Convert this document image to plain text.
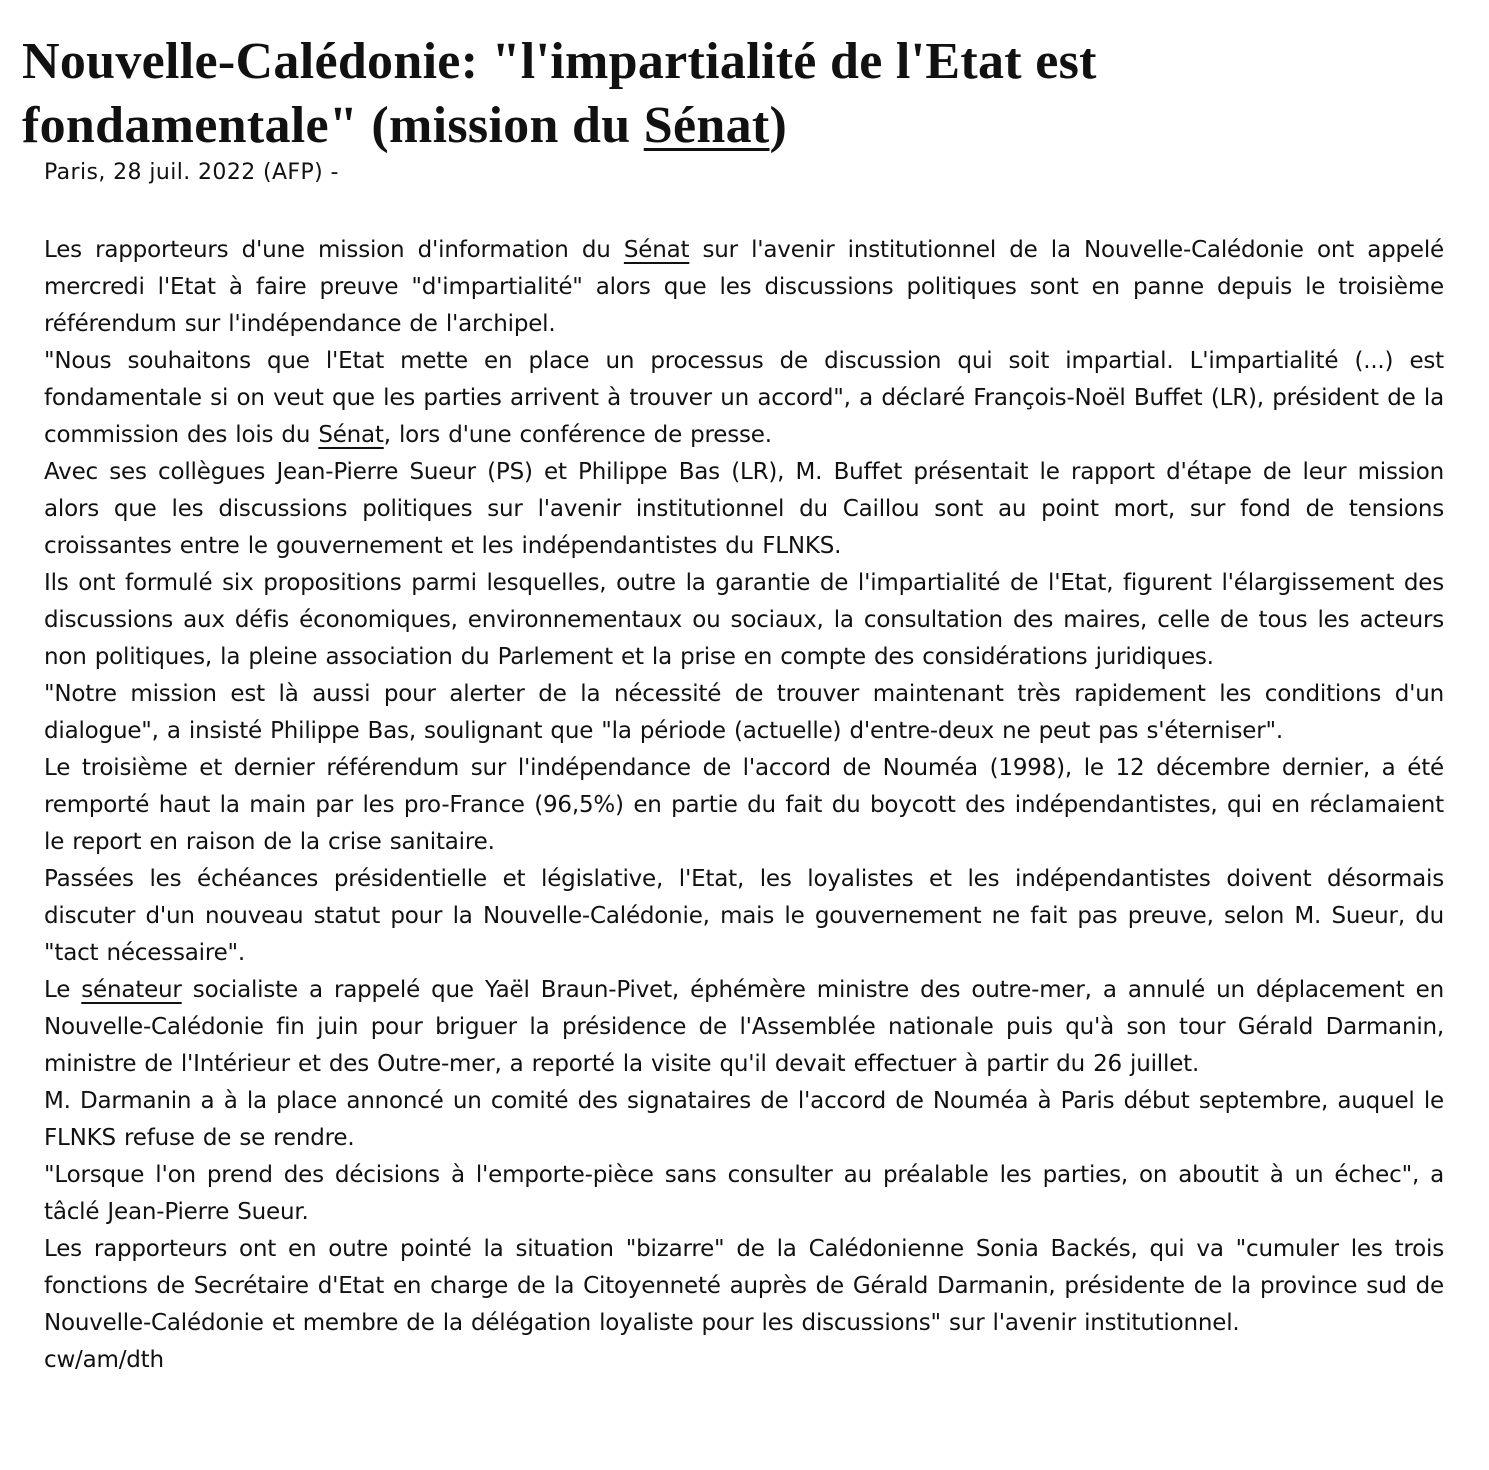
Nouvelle-Calédonie: "l'impartialité de l'Etat est fondamentale" (mission du Sénat)

Paris, 28 juil. 2022 (AFP) -

Les rapporteurs d'une mission d'information du Sénat sur l'avenir institutionnel de la Nouvelle-Calédonie ont appelé mercredi l'Etat à faire preuve "d'impartialité" alors que les discussions politiques sont en panne depuis le troisième référendum sur l'indépendance de l'archipel.

"Nous souhaitons que l'Etat mette en place un processus de discussion qui soit impartial. L'impartialité (...) est fondamentale si on veut que les parties arrivent à trouver un accord", a déclaré François-Noël Buffet (LR), président de la commission des lois du Sénat, lors d'une conférence de presse.

Avec ses collègues Jean-Pierre Sueur (PS) et Philippe Bas (LR), M. Buffet présentait le rapport d'étape de leur mission alors que les discussions politiques sur l'avenir institutionnel du Caillou sont au point mort, sur fond de tensions croissantes entre le gouvernement et les indépendantistes du FLNKS.

Ils ont formulé six propositions parmi lesquelles, outre la garantie de l'impartialité de l'Etat, figurent l'élargissement des discussions aux défis économiques, environnementaux ou sociaux, la consultation des maires, celle de tous les acteurs non politiques, la pleine association du Parlement et la prise en compte des considérations juridiques.

"Notre mission est là aussi pour alerter de la nécessité de trouver maintenant très rapidement les conditions d'un dialogue", a insisté Philippe Bas, soulignant que "la période (actuelle) d'entre-deux ne peut pas s'éterniser".

Le troisième et dernier référendum sur l'indépendance de l'accord de Nouméa (1998), le 12 décembre dernier, a été remporté haut la main par les pro-France (96,5%) en partie du fait du boycott des indépendantistes, qui en réclamaient le report en raison de la crise sanitaire.

Passées les échéances présidentielle et législative, l'Etat, les loyalistes et les indépendantistes doivent désormais discuter d'un nouveau statut pour la Nouvelle-Calédonie, mais le gouvernement ne fait pas preuve, selon M. Sueur, du "tact nécessaire".

Le sénateur socialiste a rappelé que Yaël Braun-Pivet, éphémère ministre des outre-mer, a annulé un déplacement en Nouvelle-Calédonie fin juin pour briguer la présidence de l'Assemblée nationale puis qu'à son tour Gérald Darmanin, ministre de l'Intérieur et des Outre-mer, a reporté la visite qu'il devait effectuer à partir du 26 juillet.

M. Darmanin a à la place annoncé un comité des signataires de l'accord de Nouméa à Paris début septembre, auquel le FLNKS refuse de se rendre.

"Lorsque l'on prend des décisions à l'emporte-pièce sans consulter au préalable les parties, on aboutit à un échec", a tâclé Jean-Pierre Sueur.

Les rapporteurs ont en outre pointé la situation "bizarre" de la Calédonienne Sonia Backés, qui va "cumuler les trois fonctions de Secrétaire d'Etat en charge de la Citoyenneté auprès de Gérald Darmanin, présidente de la province sud de Nouvelle-Calédonie et membre de la délégation loyaliste pour les discussions" sur l'avenir institutionnel.

cw/am/dth
